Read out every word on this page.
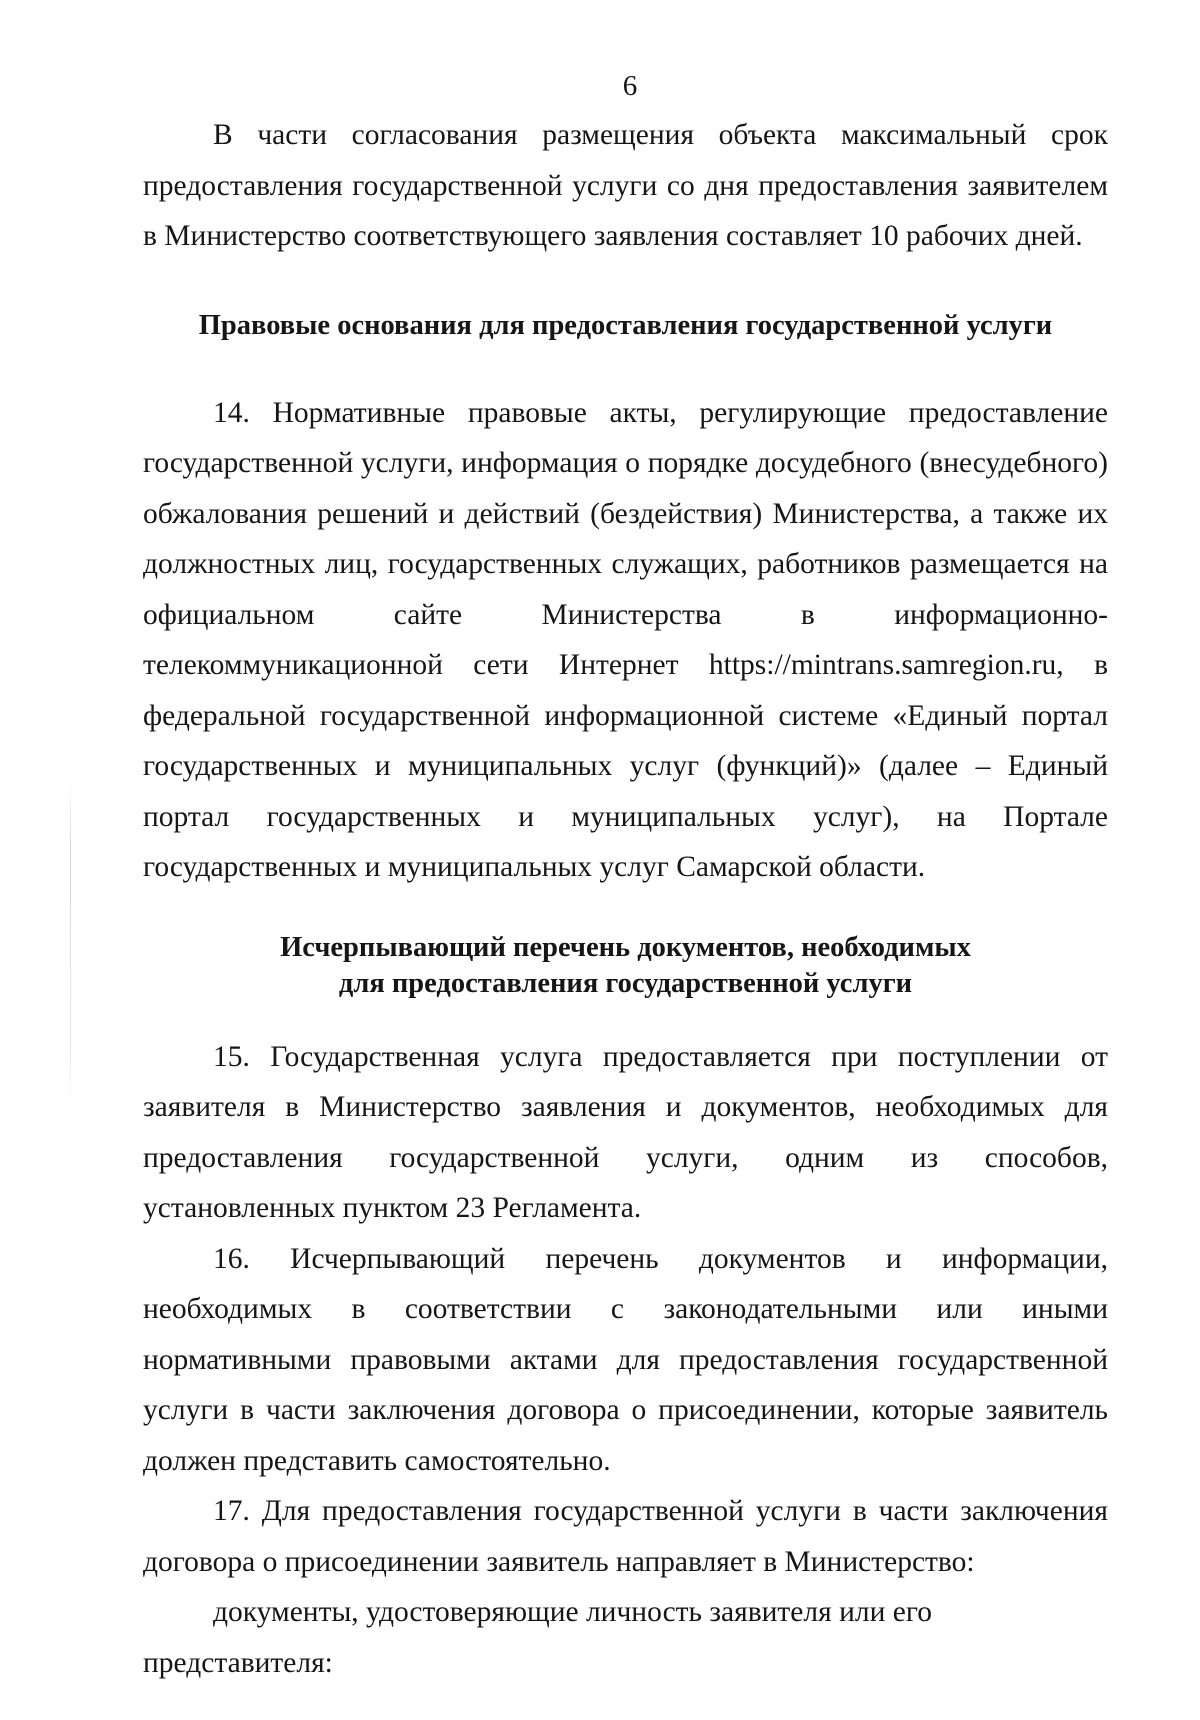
6

В части согласования размещения объекта максимальный срок предоставления государственной услуги со дня предоставления заявителем в Министерство соответствующего заявления составляет 10 рабочих дней.

Правовые основания для предоставления государственной услуги

14. Нормативные правовые акты, регулирующие предоставление государственной услуги, информация о порядке досудебного (внесудебного) обжалования решений и действий (бездействия) Министерства, а также их должностных лиц, государственных служащих, работников размещается на официальном сайте Министерства в информационно-телекоммуникационной сети Интернет https://mintrans.samregion.ru, в федеральной государственной информационной системе «Единый портал государственных и муниципальных услуг (функций)» (далее – Единый портал государственных и муниципальных услуг), на Портале государственных и муниципальных услуг Самарской области.

Исчерпывающий перечень документов, необходимых
для предоставления государственной услуги

15. Государственная услуга предоставляется при поступлении от заявителя в Министерство заявления и документов, необходимых для предоставления государственной услуги, одним из способов, установленных пунктом 23 Регламента.

16. Исчерпывающий перечень документов и информации, необходимых в соответствии с законодательными или иными нормативными правовыми актами для предоставления государственной услуги в части заключения договора о присоединении, которые заявитель должен представить самостоятельно.

17. Для предоставления государственной услуги в части заключения договора о присоединении заявитель направляет в Министерство:

документы, удостоверяющие личность заявителя или его представителя:
